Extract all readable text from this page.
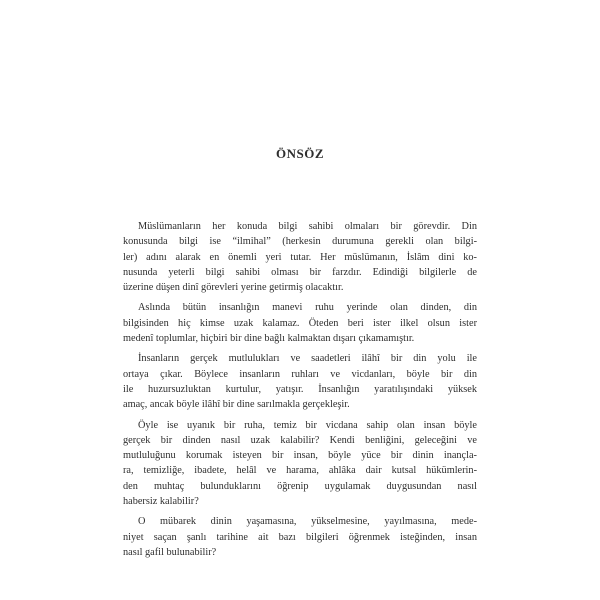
ÖNSÖZ
Müslümanların her konuda bilgi sahibi olmaları bir görevdir. Din
konusunda bilgi ise “ilmihal” (herkesin durumuna gerekli olan bilgi-
ler) adını alarak en önemli yeri tutar. Her müslümanın, İslâm dini ko-
nusunda yeterli bilgi sahibi olması bir farzdır. Edindiği bilgilerle de
üzerine düşen dinî görevleri yerine getirmiş olacaktır.
Aslında bütün insanlığın manevi ruhu yerinde olan dinden, din
bilgisinden hiç kimse uzak kalamaz. Öteden beri ister ilkel olsun ister
medenî toplumlar, hiçbiri bir dine bağlı kalmaktan dışarı çıkamamıştır.
İnsanların gerçek mutlulukları ve saadetleri ilâhî bir din yolu ile
ortaya çıkar. Böylece insanların ruhları ve vicdanları, böyle bir din
ile huzursuzluktan kurtulur, yatışır. İnsanlığın yaratılışındaki yüksek
amaç, ancak böyle ilâhî bir dine sarılmakla gerçekleşir.
Öyle ise uyanık bir ruha, temiz bir vicdana sahip olan insan böyle
gerçek bir dinden nasıl uzak kalabilir? Kendi benliğini, geleceğini ve
mutluluğunu korumak isteyen bir insan, böyle yüce bir dinin inançla-
ra, temizliğe, ibadete, helâl ve harama, ahlâka dair kutsal hükümlerin-
den muhtaç bulunduklarını öğrenip uygulamak duygusundan nasıl
habersiz kalabilir?
O mübarek dinin yaşamasına, yükselmesine, yayılmasına, mede-
niyet saçan şanlı tarihine ait bazı bilgileri öğrenmek isteğinden, insan
nasıl gafil bulunabilir?
